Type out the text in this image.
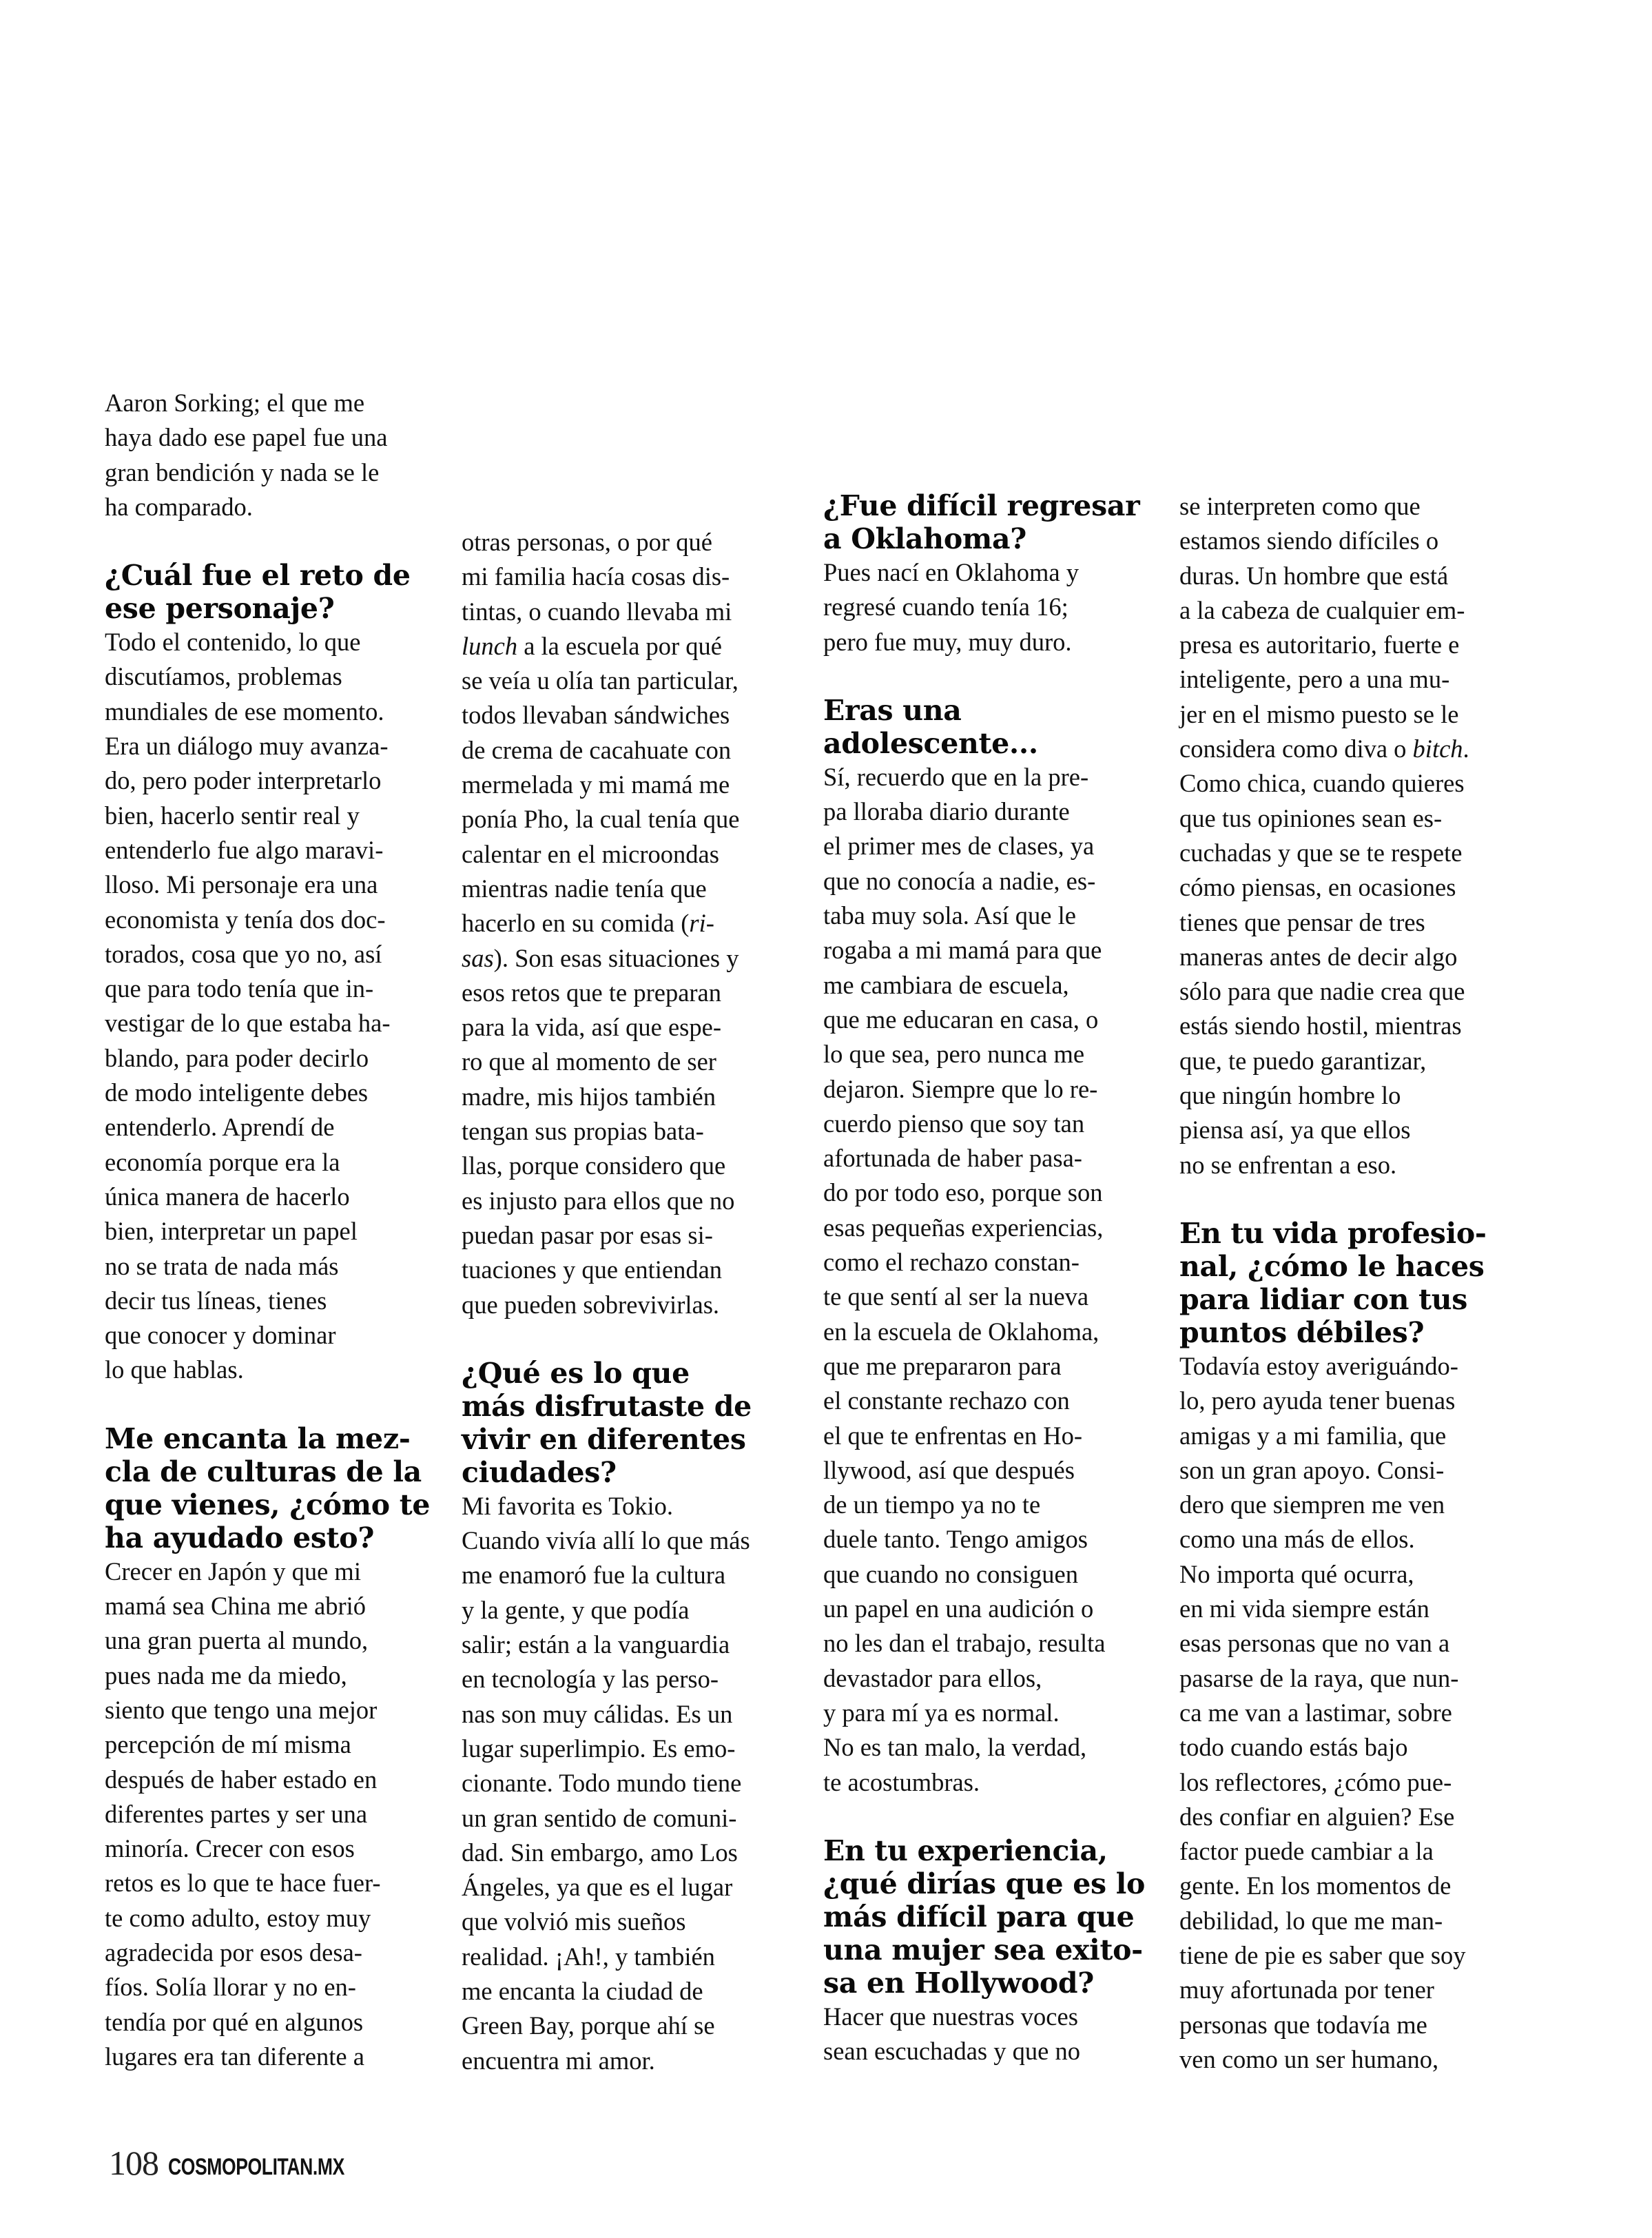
Aaron Sorking; el que me
haya dado ese papel fue una
gran bendición y nada se le
ha comparado.

¿Cuál fue el reto de
ese personaje?

Todo el contenido, lo que
discutíamos, problemas
mundiales de ese momento.
Era un diálogo muy avanza-
do, pero poder interpretarlo
bien, hacerlo sentir real y
entenderlo fue algo maravi-
lloso. Mi personaje era una
economista y tenía dos doc-
torados, cosa que yo no, así
que para todo tenía que in-
vestigar de lo que estaba ha-
blando, para poder decirlo
de modo inteligente debes
entenderlo. Aprendí de
economía porque era la
única manera de hacerlo
bien, interpretar un papel
no se trata de nada más
decir tus líneas, tienes
que conocer y dominar
lo que hablas.

Me encanta la mez-
cla de culturas de la
que vienes, ¿cómo te
ha ayudado esto?

Crecer en Japón y que mi
mamá sea China me abrió
una gran puerta al mundo,
pues nada me da miedo,
siento que tengo una mejor
percepción de mí misma
después de haber estado en
diferentes partes y ser una
minoría. Crecer con esos
retos es lo que te hace fuer-
te como adulto, estoy muy
agradecida por esos desa-
fíos. Solía llorar y no en-
tendía por qué en algunos
lugares era tan diferente a

otras personas, o por qué
mi familia hacía cosas dis-
tintas, o cuando llevaba mi
lunch a la escuela por qué
se veía u olía tan particular,
todos llevaban sándwiches
de crema de cacahuate con
mermelada y mi mamá me
ponía Pho, la cual tenía que
calentar en el microondas
mientras nadie tenía que
hacerlo en su comida (ri-
sas). Son esas situaciones y
esos retos que te preparan
para la vida, así que espe-
ro que al momento de ser
madre, mis hijos también
tengan sus propias bata-
llas, porque considero que
es injusto para ellos que no
puedan pasar por esas si-
tuaciones y que entiendan
que pueden sobrevivirlas.

¿Qué es lo que
más disfrutaste de
vivir en diferentes
ciudades?

Mi favorita es Tokio.
Cuando vivía allí lo que más
me enamoró fue la cultura
y la gente, y que podía
salir; están a la vanguardia
en tecnología y las perso-
nas son muy cálidas. Es un
lugar superlimpio. Es emo-
cionante. Todo mundo tiene
un gran sentido de comuni-
dad. Sin embargo, amo Los
Ángeles, ya que es el lugar
que volvió mis sueños
realidad. ¡Ah!, y también
me encanta la ciudad de
Green Bay, porque ahí se
encuentra mi amor.

¿Fue difícil regresar
a Oklahoma?

Pues nací en Oklahoma y
regresé cuando tenía 16;
pero fue muy, muy duro.

Eras una
adolescente...

Sí, recuerdo que en la pre-
pa lloraba diario durante
el primer mes de clases, ya
que no conocía a nadie, es-
taba muy sola. Así que le
rogaba a mi mamá para que
me cambiara de escuela,
que me educaran en casa, o
lo que sea, pero nunca me
dejaron. Siempre que lo re-
cuerdo pienso que soy tan
afortunada de haber pasa-
do por todo eso, porque son
esas pequeñas experiencias,
como el rechazo constan-
te que sentí al ser la nueva
en la escuela de Oklahoma,
que me prepararon para
el constante rechazo con
el que te enfrentas en Ho-
llywood, así que después
de un tiempo ya no te
duele tanto. Tengo amigos
que cuando no consiguen
un papel en una audición o
no les dan el trabajo, resulta
devastador para ellos,
y para mí ya es normal.
No es tan malo, la verdad,
te acostumbras.

En tu experiencia,
¿qué dirías que es lo
más difícil para que
una mujer sea exito-
sa en Hollywood?

Hacer que nuestras voces
sean escuchadas y que no

se interpreten como que
estamos siendo difíciles o
duras. Un hombre que está
a la cabeza de cualquier em-
presa es autoritario, fuerte e
inteligente, pero a una mu-
jer en el mismo puesto se le
considera como diva o bitch.
Como chica, cuando quieres
que tus opiniones sean es-
cuchadas y que se te respete
cómo piensas, en ocasiones
tienes que pensar de tres
maneras antes de decir algo
sólo para que nadie crea que
estás siendo hostil, mientras
que, te puedo garantizar,
que ningún hombre lo
piensa así, ya que ellos
no se enfrentan a eso.

En tu vida profesio-
nal, ¿cómo le haces
para lidiar con tus
puntos débiles?

Todavía estoy averiguándo-
lo, pero ayuda tener buenas
amigas y a mi familia, que
son un gran apoyo. Consi-
dero que siempren me ven
como una más de ellos.
No importa qué ocurra,
en mi vida siempre están
esas personas que no van a
pasarse de la raya, que nun-
ca me van a lastimar, sobre
todo cuando estás bajo
los reflectores, ¿cómo pue-
des confiar en alguien? Ese
factor puede cambiar a la
gente. En los momentos de
debilidad, lo que me man-
tiene de pie es saber que soy
muy afortunada por tener
personas que todavía me
ven como un ser humano,

108 COSMOPOLITAN.MX
